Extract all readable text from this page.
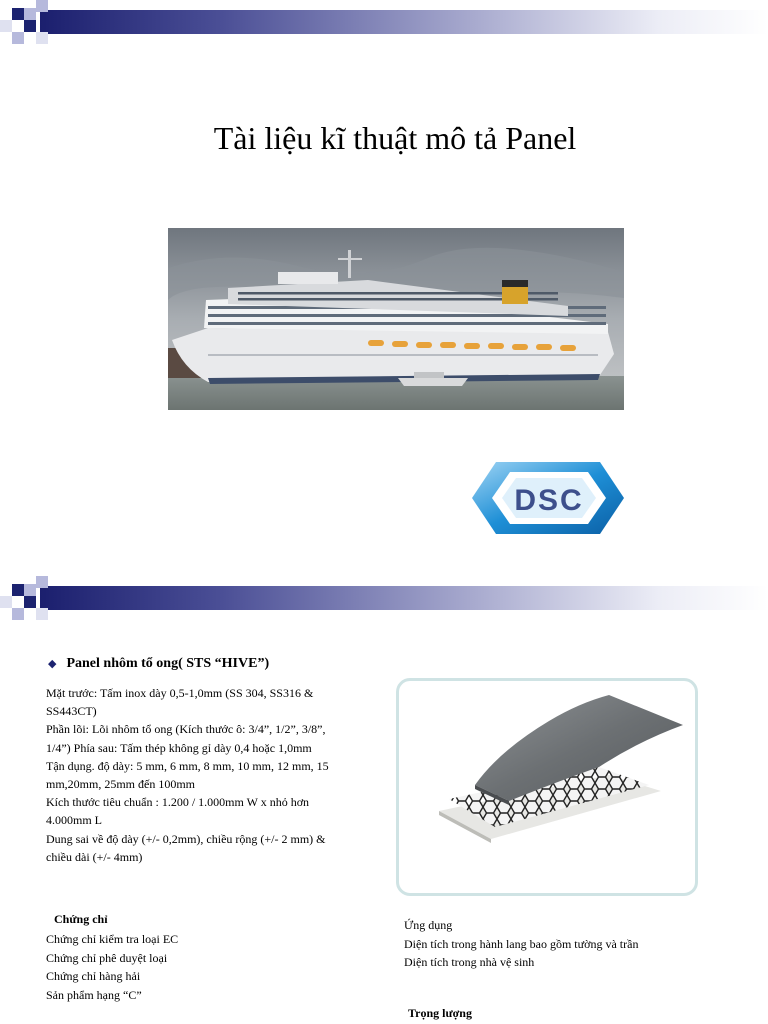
Tài liệu kĩ thuật mô tả Panel
DSC
◆ Panel nhôm tổ ong( STS “HIVE”)
Mặt trước: Tấm inox dày 0,5-1,0mm (SS 304, SS316 &
SS443CT)
Phần lõi: Lõi nhôm tổ ong (Kích thước ô: 3/4”, 1/2”, 3/8”,
1/4”) Phía sau: Tấm thép không gỉ dày 0,4 hoặc 1,0mm
Tận dụng. độ dày: 5 mm, 6 mm, 8 mm, 10 mm, 12 mm, 15
mm,20mm, 25mm đến 100mm
Kích thước tiêu chuẩn : 1.200 / 1.000mm W x nhỏ hơn
4.000mm L
Dung sai về độ dày (+/- 0,2mm), chiều rộng (+/- 2 mm) &
chiều dài (+/- 4mm)
Chứng chỉ
Chứng chỉ kiểm tra loại EC
Chứng chỉ phê duyệt loại
Chứng chỉ hàng hải
Sản phẩm hạng “C”
Ứng dụng
Diện tích trong hành lang bao gồm tường và trần
Diện tích trong nhà vệ sinh
Trọng lượng
